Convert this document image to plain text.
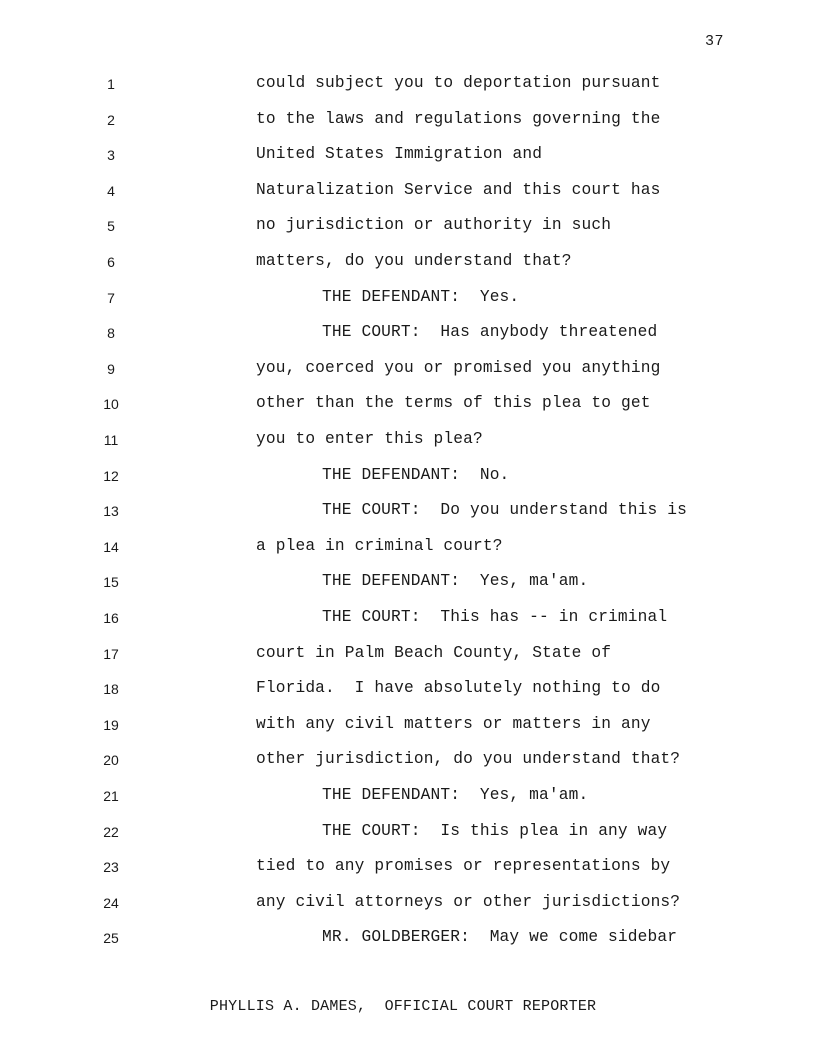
37
1	could subject you to deportation pursuant
2	to the laws and regulations governing the
3	United States Immigration and
4	Naturalization Service and this court has
5	no jurisdiction or authority in such
6	matters, do you understand that?
7	THE DEFENDANT:  Yes.
8	THE COURT:  Has anybody threatened
9	you, coerced you or promised you anything
10	other than the terms of this plea to get
11	you to enter this plea?
12	THE DEFENDANT:  No.
13	THE COURT:  Do you understand this is
14	a plea in criminal court?
15	THE DEFENDANT:  Yes, ma'am.
16	THE COURT:  This has -- in criminal
17	court in Palm Beach County, State of
18	Florida.  I have absolutely nothing to do
19	with any civil matters or matters in any
20	other jurisdiction, do you understand that?
21	THE DEFENDANT:  Yes, ma'am.
22	THE COURT:  Is this plea in any way
23	tied to any promises or representations by
24	any civil attorneys or other jurisdictions?
25	MR. GOLDBERGER:  May we come sidebar
PHYLLIS A. DAMES,  OFFICIAL COURT REPORTER
